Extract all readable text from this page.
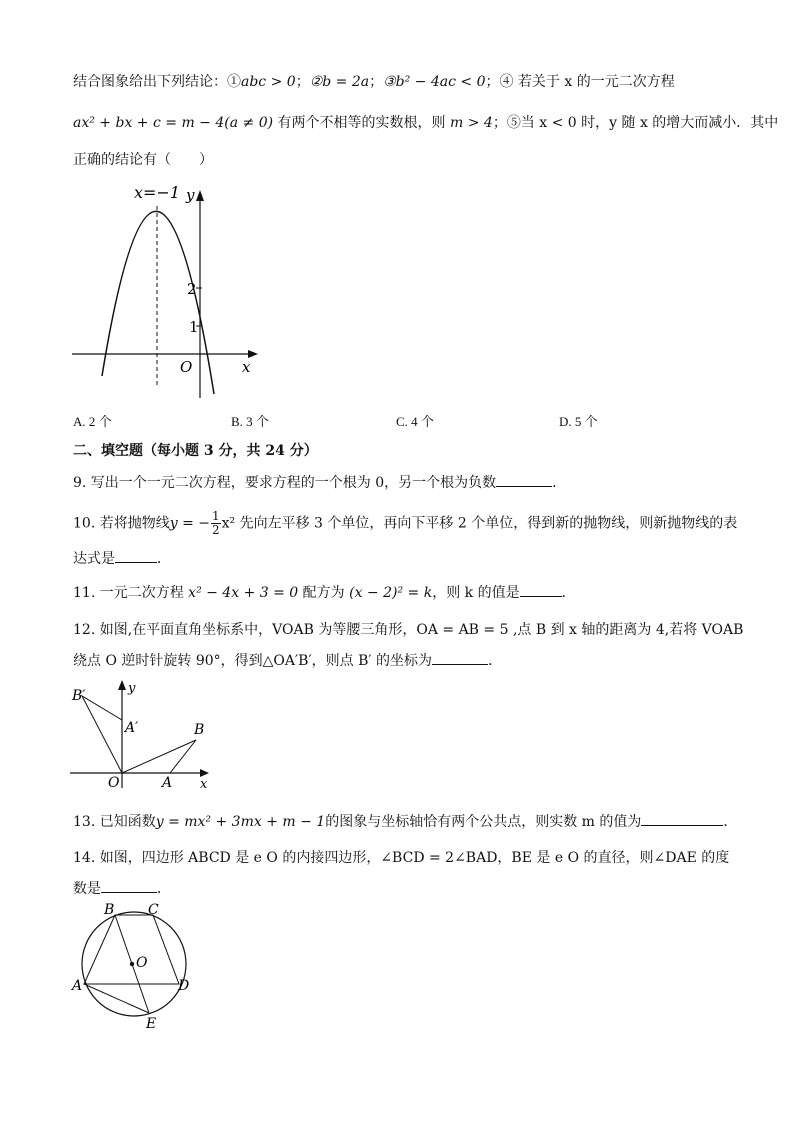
结合图象给出下列结论：①abc > 0；②b = 2a；③b² − 4ac < 0；④ 若关于 x 的一元二次方程
ax² + bx + c = m − 4(a ≠ 0) 有两个不相等的实数根，则 m > 4；⑤当 x < 0 时，y 随 x 的增大而减小．其中
正确的结论有（　　）
x=−1 y
x
O
2
1
A. 2 个	B. 3 个	C. 4 个	D. 5 个
二、填空题（每小题 3 分，共 24 分）
9. 写出一个一元二次方程，要求方程的一个根为 0，另一个根为负数	．
10. 若将抛物线y = − $\frac{1}{2} x^2$ 先向左平移 3 个单位，再向下平移 2 个单位，得到新的抛物线，则新抛物线的表
达式是	．
11. 一元二次方程 x² − 4x + 3 = 0 配方为 (x − 2)² = k，则 k 的值是	．
12. 如图,在平面直角坐标系中，VOAB 为等腰三角形，OA = AB = 5 ,点 B 到 x 轴的距离为 4,若将 VOAB
绕点 O 逆时针旋转 90°，得到△OA′B′，则点 B′ 的坐标为	．
B′
A′	B
A
O	x
y
13. 已知函数y = mx² + 3mx + m − 1的图象与坐标轴恰有两个公共点，则实数 m 的值为	．
14. 如图，四边形 ABCD 是 e O 的内接四边形，∠BCD = 2∠BAD，BE 是 e O 的直径，则∠DAE 的度
数是	．
B C
O
A	D
E
